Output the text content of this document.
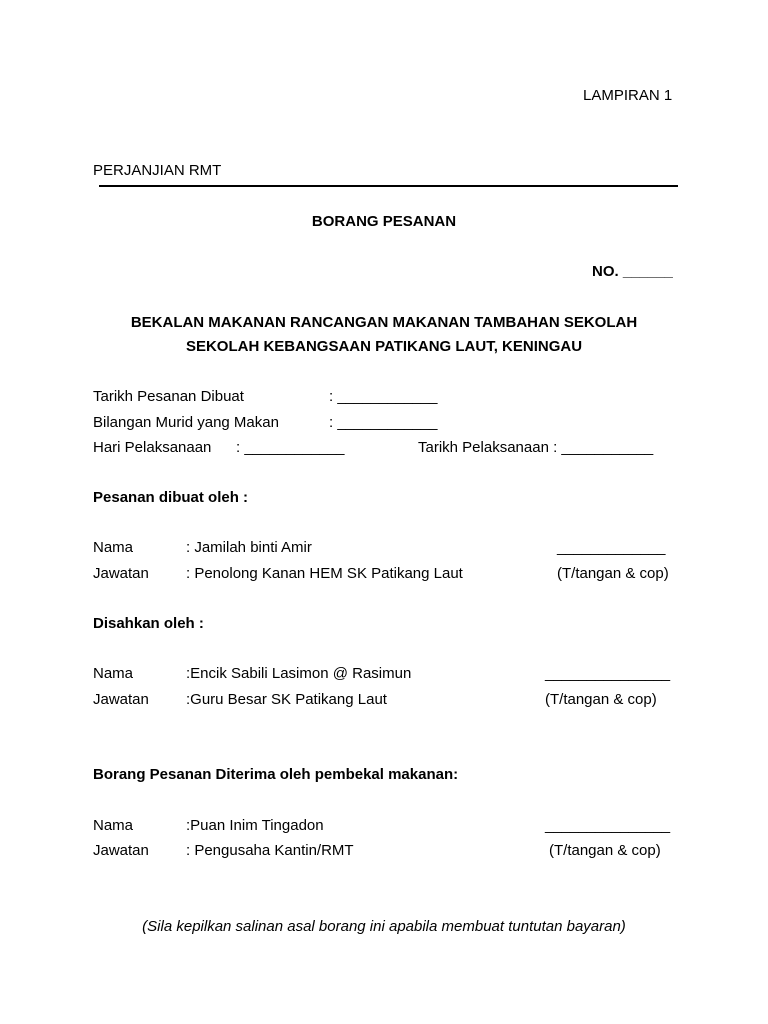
LAMPIRAN 1
PERJANJIAN RMT
BORANG PESANAN
NO. ______
BEKALAN MAKANAN RANCANGAN MAKANAN TAMBAHAN SEKOLAH
SEKOLAH KEBANGSAAN PATIKANG LAUT, KENINGAU
Tarikh Pesanan Dibuat	: ____________
Bilangan Murid yang Makan	: ____________
Hari Pelaksanaan : ____________	Tarikh Pelaksanaan : ___________
Pesanan dibuat oleh :
Nama	: Jamilah binti Amir	_____________
Jawatan : Penolong Kanan HEM SK Patikang Laut	(T/tangan & cop)
Disahkan oleh :
Nama	:Encik Sabili Lasimon @ Rasimun	_______________
Jawatan :Guru Besar SK Patikang Laut	(T/tangan & cop)
Borang Pesanan Diterima oleh pembekal makanan:
Nama	:Puan Inim Tingadon	_______________
Jawatan : Pengusaha Kantin/RMT	(T/tangan & cop)
(Sila kepilkan salinan asal borang ini apabila membuat tuntutan bayaran)
